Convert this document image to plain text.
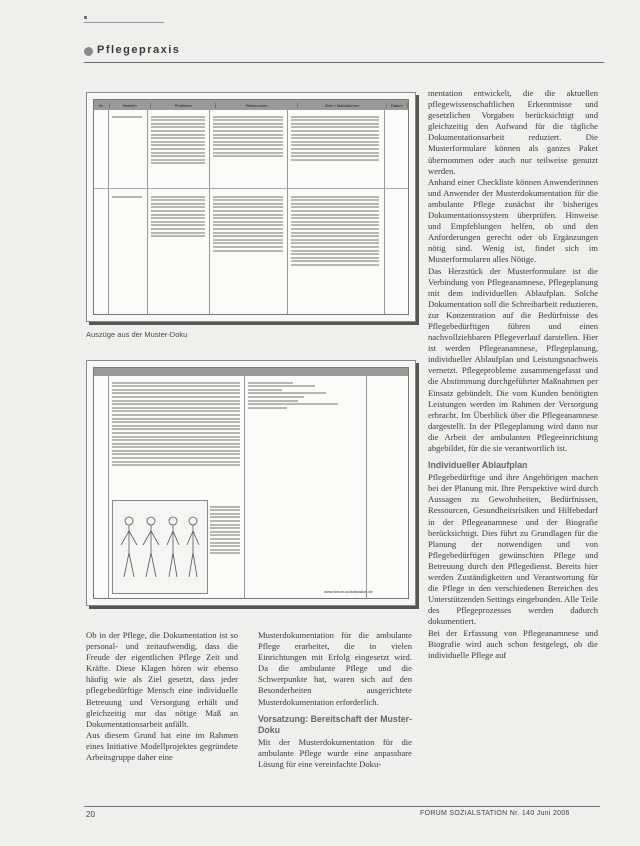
Pflegepraxis
Nr.	Bereich	Probleme	Ressourcen	Ziele / Maßnahmen	Datum
Auszüge aus der Muster-Doku
www.forum-sozialstation.de

mentation entwickelt, die die aktuellen pflegewissenschaftlichen Erkenntnisse und gesetzlichen Vorgaben berücksichtigt und gleichzeitig den Aufwand für die tägliche Dokumentationsarbeit reduziert. Die Musterformulare können als ganzes Paket übernommen oder auch nur teilweise genutzt werden.

Anhand einer Checkliste können Anwenderinnen und Anwender der Musterdokumentation für die ambulante Pflege zunächst ihr bisheriges Dokumentationssystem überprüfen. Hinweise und Empfehlungen helfen, ob und den Anforderungen gerecht oder ob Ergänzungen nötig sind. Wenig ist, findet sich im Musterformularen alles Nötige.

Das Herzstück der Musterformulare ist die Verbindung von Pflegeanamnese, Pflegeplanung mit dem individuellen Ablaufplan. Solche Dokumentation soll die Schreibarbeit reduzieren, zur Konzentration auf die Bedürfnisse des Pflegebedürftigen führen und einen nachvollziehbaren Pflegeverlauf darstellen. Hier ist werden Pflegeanamnese, Pflegeplanung, individueller Ablaufplan und Leistungsnachweis vernetzt. Pflegeprobleme zusammengefasst und die Abstimmung durchgeführter Maßnahmen per Einsatz gebündelt. Die vom Kunden benötigten Leistungen werden im Rahmen der Versorgung erbracht. Im Überblick über die Pflegeanamnese dargestellt. In der Pflegeplanung wird dann nur die Arbeit der ambulanten Pflegeeinrichtung abgebildet, für die sie verantwortlich ist.

Individueller Ablaufplan

Pflegebedürftige und ihre Angehörigen machen bei der Planung mit. Ihre Perspektive wird durch Aussagen zu Gewohnheiten, Bedürfnissen, Ressourcen, Gesundheitsrisiken und Hilfebedarf in der Pflegeanamnese und der Biografie berücksichtigt. Dies führt zu Grundlagen für die Planung der notwendigen und von Pflegebedürftigen gewünschten Pflege und Betreuung durch den Pflegedienst. Bereits hier werden Zuständigkeiten und Verantwortung für die Pflege in den verschiedenen Bereichen des Unterstützenden Settings eingebunden. Alle Teile des Pflegeprozesses werden dadurch dokumentiert.

Bei der Erfassung von Pflegeanamnese und Biografie wird auch schon festgelegt, ob die individuelle Pflege auf

Ob in der Pflege, die Dokumentation ist so personal- und zeitaufwendig, dass die Freude der eigentlichen Pflege Zeit und Kräfte. Diese Klagen hören wir ebenso häufig wie als Ziel gesetzt, dass jeder pflegebedürftige Mensch eine individuelle Betreuung und Versorgung erhält und gleichzeitig nur das nötige Maß an Dokumentationsarbeit anfällt.

Aus diesem Grund hat eine im Rahmen eines Initiative Modellprojektes gegründete Arbeitsgruppe daher eine

Musterdokumentation für die ambulante Pflege erarbeitet, die in vielen Einrichtungen mit Erfolg eingesetzt wird. Da die ambulante Pflege und die Schwerpunkte hat, waren sich auf den Besonderheiten ausgerichtete Musterdokumentation erforderlich.

Vorsatzung: Bereitschaft der Muster-Doku

Mit der Musterdokumentation für die ambulante Pflege wurde eine anpassbare Lösung für eine vereinfachte Doku-

20	FORUM SOZIALSTATION Nr. 140 Juni 2006
